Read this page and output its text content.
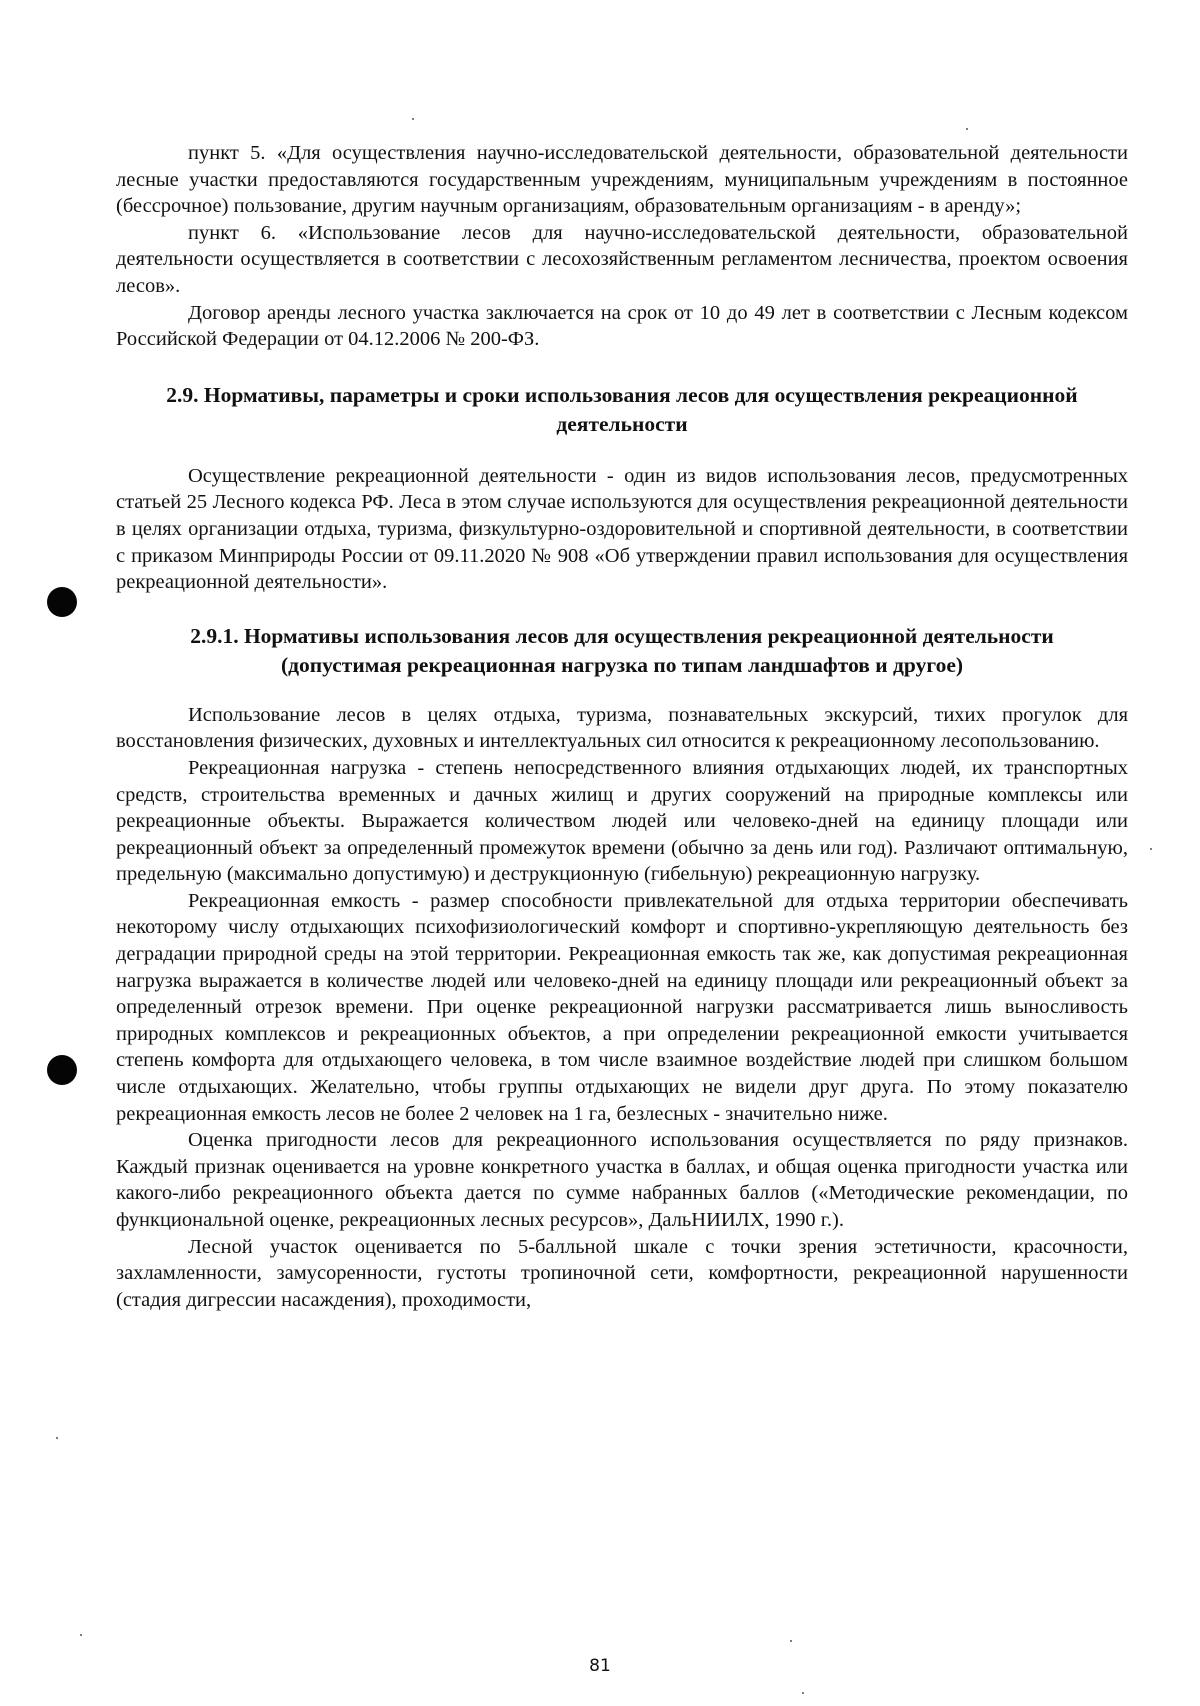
пункт 5. «Для осуществления научно-исследовательской деятельности, образовательной деятельности лесные участки предоставляются государственным учреждениям, муниципальным учреждениям в постоянное (бессрочное) пользование, другим научным организациям, образовательным организациям - в аренду»;

пункт 6. «Использование лесов для научно-исследовательской деятельности, образовательной деятельности осуществляется в соответствии с лесохозяйственным регламентом лесничества, проектом освоения лесов».

Договор аренды лесного участка заключается на срок от 10 до 49 лет в соответствии с Лесным кодексом Российской Федерации от 04.12.2006 № 200-ФЗ.

2.9. Нормативы, параметры и сроки использования лесов для осуществления рекреационной деятельности

Осуществление рекреационной деятельности - один из видов использования лесов, предусмотренных статьей 25 Лесного кодекса РФ. Леса в этом случае используются для осуществления рекреационной деятельности в целях организации отдыха, туризма, физкультурно-оздоровительной и спортивной деятельности, в соответствии с приказом Минприроды России от 09.11.2020 № 908 «Об утверждении правил использования для осуществления рекреационной деятельности».

2.9.1. Нормативы использования лесов для осуществления рекреационной деятельности (допустимая рекреационная нагрузка по типам ландшафтов и другое)

Использование лесов в целях отдыха, туризма, познавательных экскурсий, тихих прогулок для восстановления физических, духовных и интеллектуальных сил относится к рекреационному лесопользованию.

Рекреационная нагрузка - степень непосредственного влияния отдыхающих людей, их транспортных средств, строительства временных и дачных жилищ и других сооружений на природные комплексы или рекреационные объекты. Выражается количеством людей или человеко-дней на единицу площади или рекреационный объект за определенный промежуток времени (обычно за день или год). Различают оптимальную, предельную (максимально допустимую) и деструкционную (гибельную) рекреационную нагрузку.

Рекреационная емкость - размер способности привлекательной для отдыха территории обеспечивать некоторому числу отдыхающих психофизиологический комфорт и спортивно-укрепляющую деятельность без деградации природной среды на этой территории. Рекреационная емкость так же, как допустимая рекреационная нагрузка выражается в количестве людей или человеко-дней на единицу площади или рекреационный объект за определенный отрезок времени. При оценке рекреационной нагрузки рассматривается лишь выносливость природных комплексов и рекреационных объектов, а при определении рекреационной емкости учитывается степень комфорта для отдыхающего человека, в том числе взаимное воздействие людей при слишком большом числе отдыхающих. Желательно, чтобы группы отдыхающих не видели друг друга. По этому показателю рекреационная емкость лесов не более 2 человек на 1 га, безлесных - значительно ниже.

Оценка пригодности лесов для рекреационного использования осуществляется по ряду признаков. Каждый признак оценивается на уровне конкретного участка в баллах, и общая оценка пригодности участка или какого-либо рекреационного объекта дается по сумме набранных баллов («Методические рекомендации, по функциональной оценке, рекреационных лесных ресурсов», ДальНИИЛХ, 1990 г.).

Лесной участок оценивается по 5-балльной шкале с точки зрения эстетичности, красочности, захламленности, замусоренности, густоты тропиночной сети, комфортности, рекреационной нарушенности (стадия дигрессии насаждения), проходимости,

81
